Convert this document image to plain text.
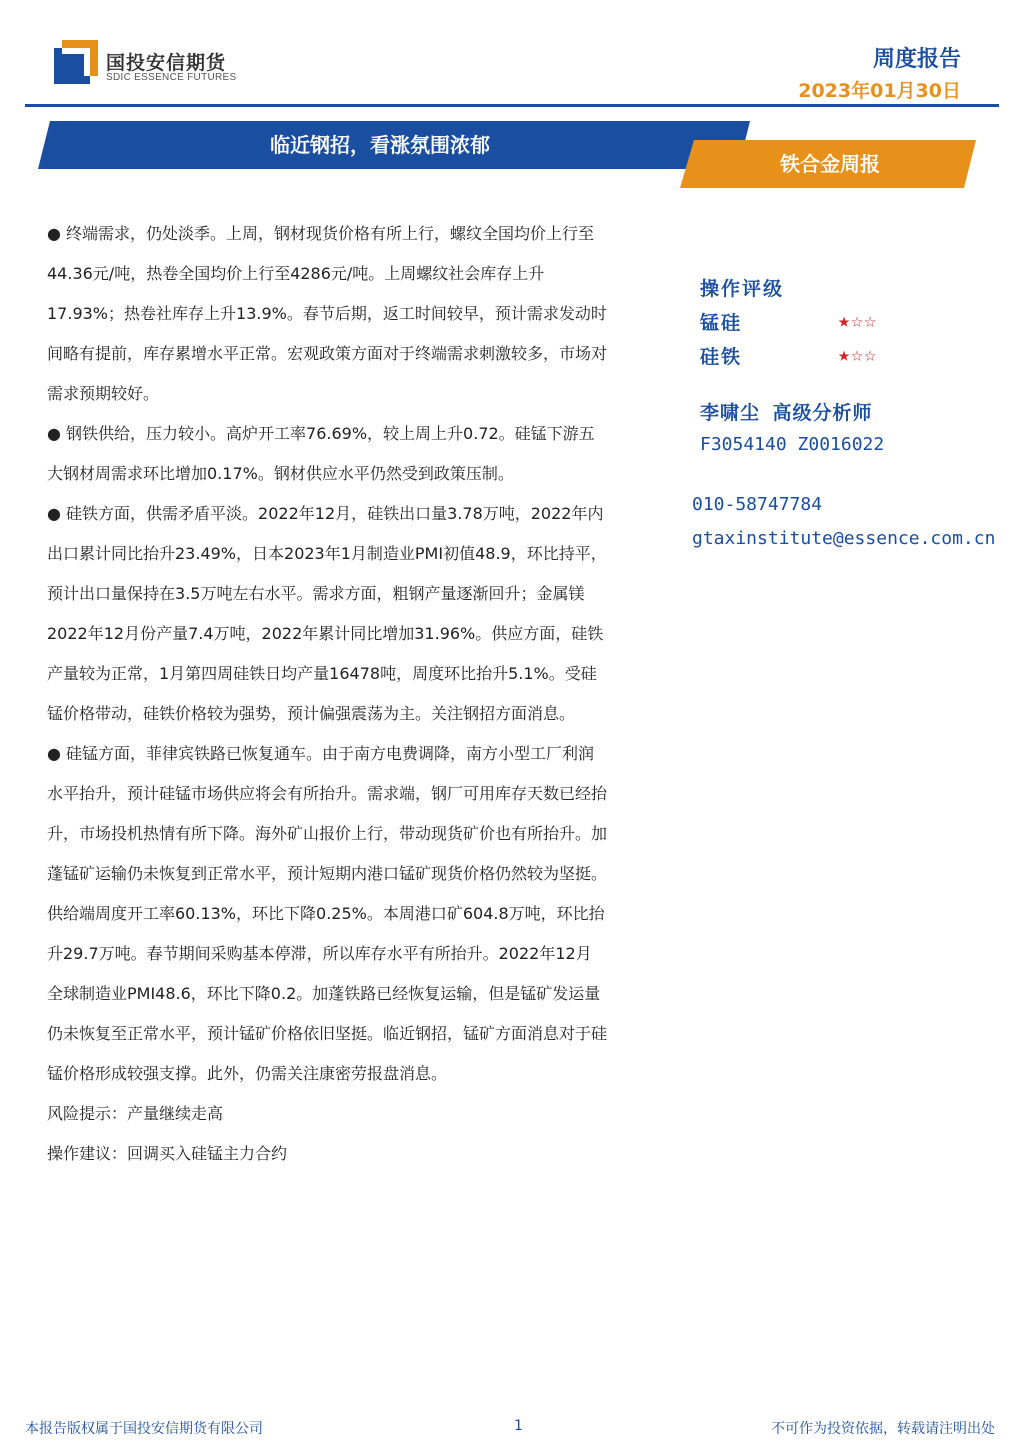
国投安信期货
SDIC ESSENCE FUTURES
周度报告
2023年01月30日
临近钢招，看涨氛围浓郁
铁合金周报

● 终端需求，仍处淡季。上周，钢材现货价格有所上行，螺纹全国均价上行至44.36元/吨，热卷全国均价上行至4286元/吨。上周螺纹社会库存上升17.93%；热卷社库存上升13.9%。春节后期，返工时间较早，预计需求发动时间略有提前，库存累增水平正常。宏观政策方面对于终端需求刺激较多，市场对需求预期较好。

● 钢铁供给，压力较小。高炉开工率76.69%，较上周上升0.72。硅锰下游五大钢材周需求环比增加0.17%。钢材供应水平仍然受到政策压制。

● 硅铁方面，供需矛盾平淡。2022年12月，硅铁出口量3.78万吨，2022年内出口累计同比抬升23.49%，日本2023年1月制造业PMI初值48.9，环比持平，预计出口量保持在3.5万吨左右水平。需求方面，粗钢产量逐渐回升；金属镁2022年12月份产量7.4万吨，2022年累计同比增加31.96%。供应方面，硅铁产量较为正常，1月第四周硅铁日均产量16478吨，周度环比抬升5.1%。受硅锰价格带动，硅铁价格较为强势，预计偏强震荡为主。关注钢招方面消息。

● 硅锰方面，菲律宾铁路已恢复通车。由于南方电费调降，南方小型工厂利润水平抬升，预计硅锰市场供应将会有所抬升。需求端，钢厂可用库存天数已经抬升，市场投机热情有所下降。海外矿山报价上行，带动现货矿价也有所抬升。加蓬锰矿运输仍未恢复到正常水平，预计短期内港口锰矿现货价格仍然较为坚挺。供给端周度开工率60.13%，环比下降0.25%。本周港口矿604.8万吨，环比抬升29.7万吨。春节期间采购基本停滞，所以库存水平有所抬升。2022年12月全球制造业PMI48.6，环比下降0.2。加蓬铁路已经恢复运输，但是锰矿发运量仍未恢复至正常水平，预计锰矿价格依旧坚挺。临近钢招，锰矿方面消息对于硅锰价格形成较强支撑。此外，仍需关注康密劳报盘消息。

风险提示：产量继续走高

操作建议：回调买入硅锰主力合约

操作评级
锰硅	★☆☆
硅铁	★☆☆
李啸尘 高级分析师
F3054140 Z0016022
010-58747784
gtaxinstitute@essence.com.cn
本报告版权属于国投安信期货有限公司	1	不可作为投资依据，转载请注明出处
